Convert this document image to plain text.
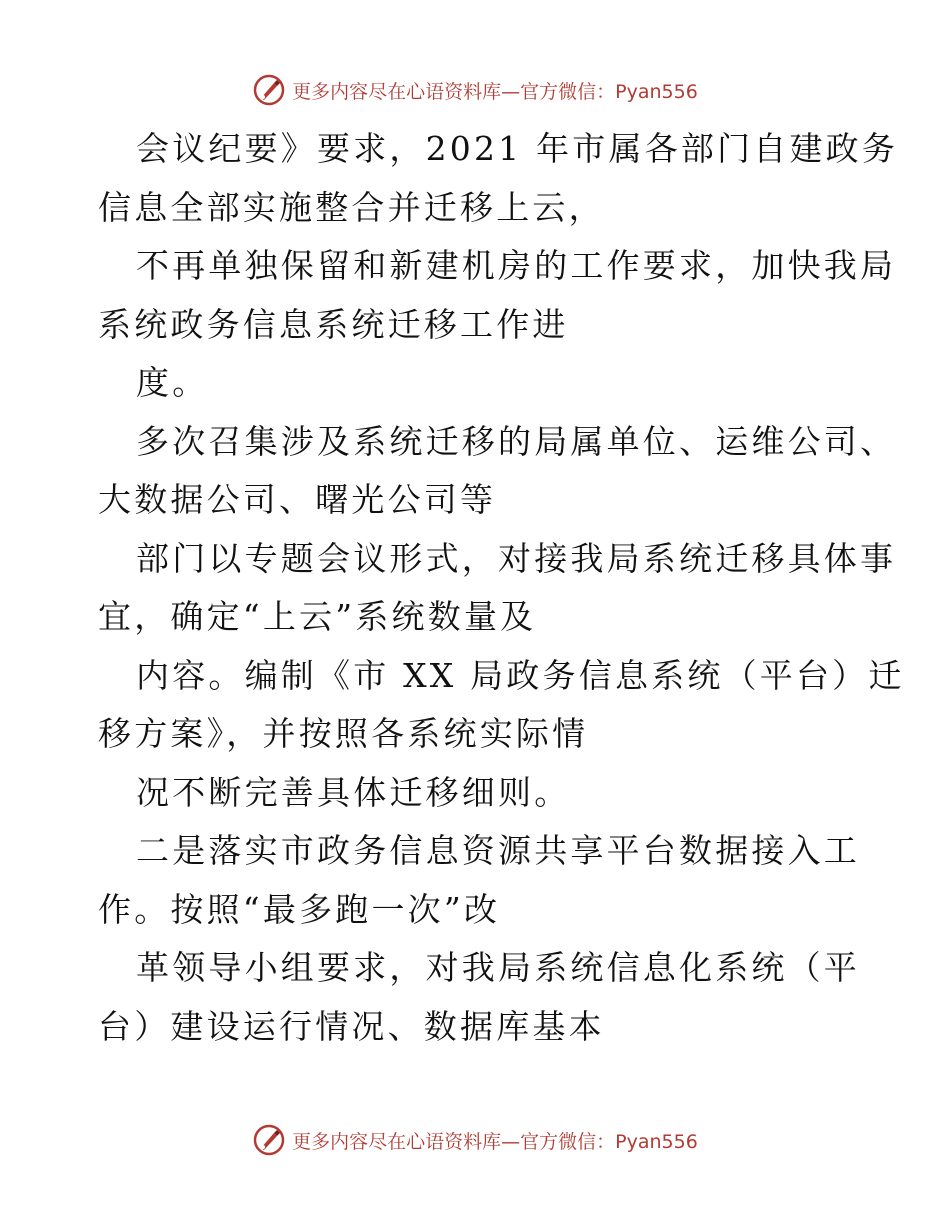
更多内容尽在心语资料库—官方微信：Pyan556
会议纪要》要求，2021 年市属各部门自建政务
信息全部实施整合并迁移上云，
不再单独保留和新建机房的工作要求，加快我局
系统政务信息系统迁移工作进
度。
多次召集涉及系统迁移的局属单位、运维公司、
大数据公司、曙光公司等
部门以专题会议形式，对接我局系统迁移具体事
宜，确定“上云”系统数量及
内容。编制《市 XX 局政务信息系统（平台）迁
移方案》，并按照各系统实际情
况不断完善具体迁移细则。
二是落实市政务信息资源共享平台数据接入工
作。按照“最多跑一次”改
革领导小组要求，对我局系统信息化系统（平
台）建设运行情况、数据库基本
更多内容尽在心语资料库—官方微信：Pyan556
